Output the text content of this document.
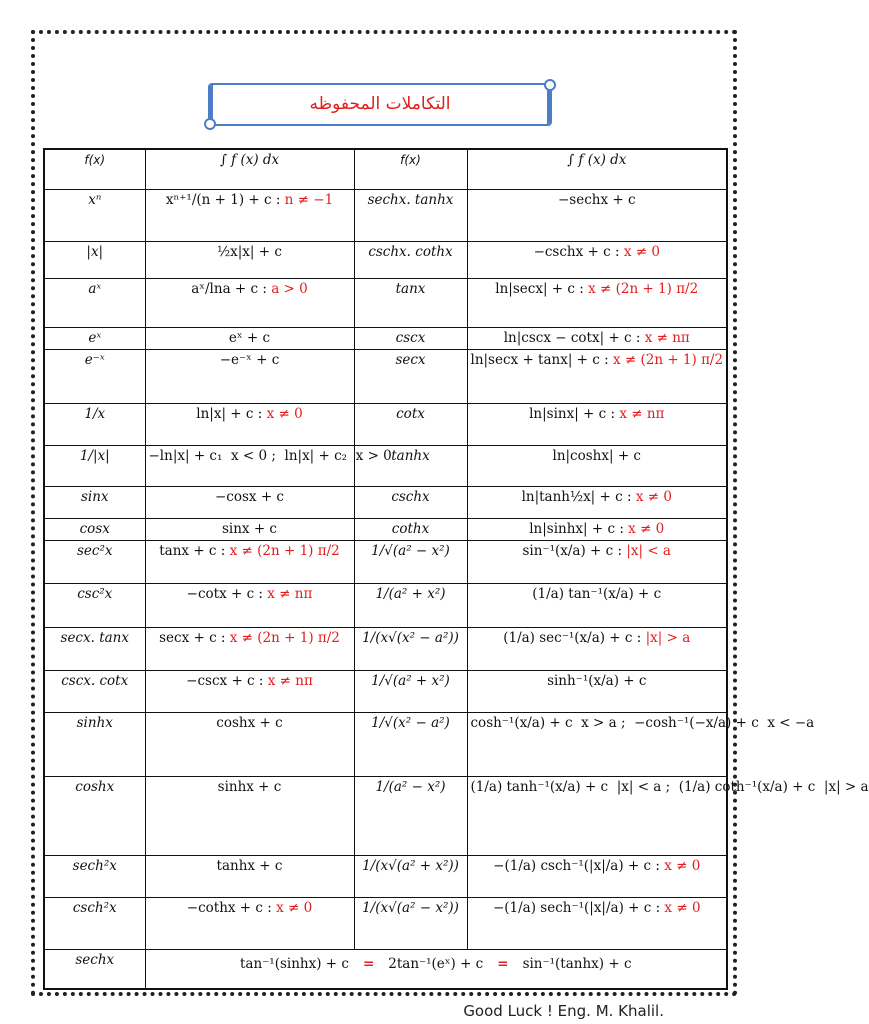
التكاملات المحفوظه
f(x)	∫ f (x) dx	f(x)	∫ f (x) dx
xⁿ	xⁿ⁺¹/(n + 1) + c : n ≠ −1	sechx. tanhx	−sechx + c
|x|	½x|x| + c	cschx. cothx	−cschx + c : x ≠ 0
aˣ	aˣ/lna + c : a > 0	tanx	ln|secx| + c : x ≠ (2n + 1) π/2
eˣ	eˣ + c	cscx	ln|cscx − cotx| + c : x ≠ nπ
e⁻ˣ	−e⁻ˣ + c	secx	ln|secx + tanx| + c : x ≠ (2n + 1) π/2
1/x	ln|x| + c : x ≠ 0	cotx	ln|sinx| + c : x ≠ nπ
1/|x|	−ln|x| + c₁  x < 0 ;  ln|x| + c₂  x > 0	tanhx	ln|coshx| + c
sinx	−cosx + c	cschx	ln|tanh½x| + c : x ≠ 0
cosx	sinx + c	cothx	ln|sinhx| + c : x ≠ 0
sec²x	tanx + c : x ≠ (2n + 1) π/2	1/√(a² − x²)	sin⁻¹(x/a) + c : |x| < a
csc²x	−cotx + c : x ≠ nπ	1/(a² + x²)	(1/a) tan⁻¹(x/a) + c
secx. tanx	secx + c : x ≠ (2n + 1) π/2	1/(x√(x² − a²))	(1/a) sec⁻¹(x/a) + c : |x| > a
cscx. cotx	−cscx + c : x ≠ nπ	1/√(a² + x²)	sinh⁻¹(x/a) + c
sinhx	coshx + c	1/√(x² − a²)	cosh⁻¹(x/a) + c  x > a ;  −cosh⁻¹(−x/a) + c  x < −a
coshx	sinhx + c	1/(a² − x²)	(1/a) tanh⁻¹(x/a) + c  |x| < a ;  (1/a) coth⁻¹(x/a) + c  |x| > a
sech²x	tanhx + c	1/(x√(a² + x²))	−(1/a) csch⁻¹(|x|/a) + c : x ≠ 0
csch²x	−cothx + c : x ≠ 0	1/(x√(a² − x²))	−(1/a) sech⁻¹(|x|/a) + c : x ≠ 0
sechx	tan⁻¹(sinhx) + c = 2tan⁻¹(eˣ) + c = sin⁻¹(tanhx) + c		
Good Luck ! Eng. M. Khalil.
